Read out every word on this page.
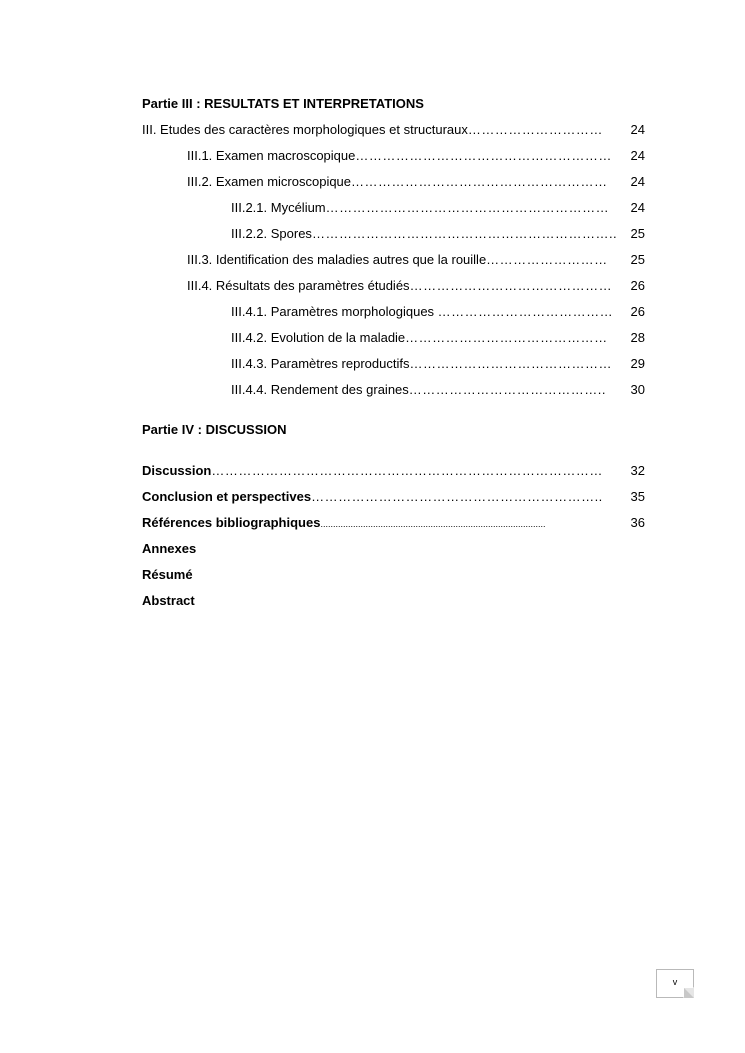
Partie III : RESULTATS ET INTERPRETATIONS
III. Etudes des caractères morphologiques et structuraux …………………………	24
III.1. Examen macroscopique …………………………………………………	24
III.2. Examen microscopique …………………………………………………	24
III.2.1. Mycélium ………………………………………………………	24
III.2.2. Spores …………………………………………………………..	25
III.3. Identification des maladies autres que la rouille ………………………	25
III.4. Résultats des paramètres étudiés ………………………………………	26
III.4.1. Paramètres morphologiques …………………………………	26
III.4.2. Evolution de la maladie ………………………………………	28
III.4.3. Paramètres reproductifs ………………………………………	29
III.4.4. Rendement des graines ……………………………………..	30
Partie IV : DISCUSSION
Discussion ……………………………………………………………………………	32
Conclusion et perspectives ………………………………………………………..	35
Références bibliographiques ..........................................................................................	36
Annexes
Résumé
Abstract
v
